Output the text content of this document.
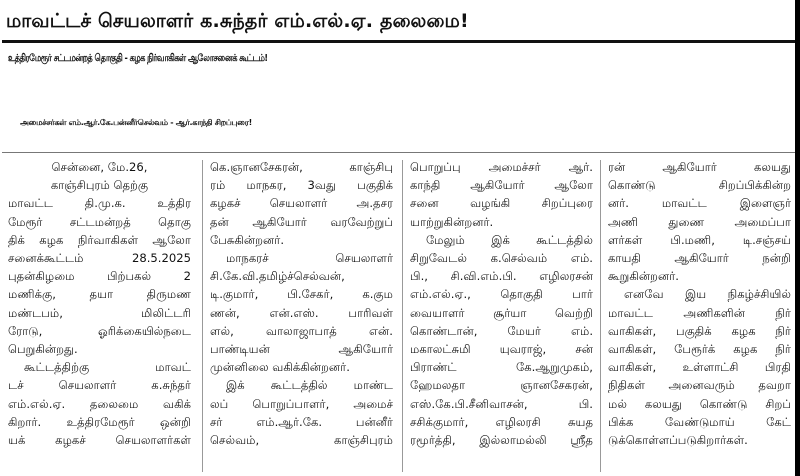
மாவட்டச் செயலாளர் க.சுந்தர் எம்.எல்.ஏ. தலைமை!
உத்திரமேரூர் சட்டமன்றத் தொகுதி - கழக நிர்வாகிகள் ஆலோசனைக் கூட்டம்!
அமைச்சர்கள் எம்.ஆர்.கே.பன்னீர்செல்வம் - ஆர்.காந்தி சிறப்புரை!
சென்னை, மே.26,
காஞ்சிபுரம் தெற்கு
மாவட்ட தி.மு.க. உத்திர
மேரூர் சட்டமன்றத் தொகு
திக் கழக நிர்வாகிகள் ஆலோ
சனைக்கூட்டம் 28.5.2025
புதன்கிழமை பிற்பகல் 2
மணிக்கு, தயா திருமண
மண்டபம், மிலிட்டரி
ரோடு, ஓரிக்கையில்நடை
பெறுகின்றது.
கூட்டத்திற்கு மாவட்
டச் செயலாளர் க.சுந்தர்
எம்.எல்.ஏ. தலைமை வகிக்
கிறார். உத்திரமேரூர் ஒன்றி
யக் கழகச் செயலாளர்கள்
கெ.ஞானசேகரன், காஞ்சிபு
ரம் மாநகர, 3வது பகுதிக்
கழகச் செயலாளர் அ.தசர
தன் ஆகியோர் வரவேற்றுப்
பேசுகின்றனர்.
மாநகரச் செயலாளர்
சி.கே.வி.தமிழ்ச்செல்வன்,
டி.குமார், பி.சேகர், க.கும
ணன், என்.எஸ். பாரிவள்
ளல், வாலாஜாபாத் என்.
பாண்டியன் ஆகியோர்
முன்னிலை வகிக்கின்றனர்.
இக் கூட்டத்தில் மாண்ட
லப் பொறுப்பாளர், அமைச்
சர் எம்.ஆர்.கே. பன்னீர்
செல்வம், காஞ்சிபுரம்
பொறுப்பு அமைச்சர் ஆர்.
காந்தி ஆகியோர் ஆலோ
சனை வழங்கி சிறப்புரை
யாற்றுகின்றனர்.
மேலும் இக் கூட்டத்தில்
சிறுவேடல் க.செல்வம் எம்.
பி., சி.வி.எம்.பி. எழிலரசன்
எம்.எல்.ஏ., தொகுதி பார்
வையாளர் சூர்யா வெற்றி
கொண்டான், மேயர் எம்.
மகாலட்சுமி யுவராஜ், சன்
பிராண்ட் கே.ஆறுமுகம்,
ஹேமலதா ஞானசேகரன்,
எஸ்.கே.பி.சீனிவாசன், பி.
சசிக்குமார், எழிலரசி சுயத
ரமூர்த்தி, இல்லாமல்லி ஸ்ரீத
ரன் ஆகியோர் கலயது
கொண்டு சிறப்பிக்கின்ற
னர். மாவட்ட இளைஞர்
அணி துணை அமைப்பா
ளர்கள் பி.மணி, டி.சஞ்சய்
காயதி ஆகியோர் நன்றி
கூறுகின்றனர்.
எனவே இய நிகழ்ச்சியில்
மாவட்ட அணிகளின் நிர்
வாகிகள், பகுதிக் கழக நிர்
வாகிகள், பேரூர்க் கழக நிர்
வாகிகள், உள்ளாட்சி பிரதி
நிதிகள் அனைவரும் தவறா
மல் கலயது கொண்டு சிறப்
பிக்க வேண்டுமாய் கேட்
டுக்கொள்ளப்படுகிறார்கள்.
